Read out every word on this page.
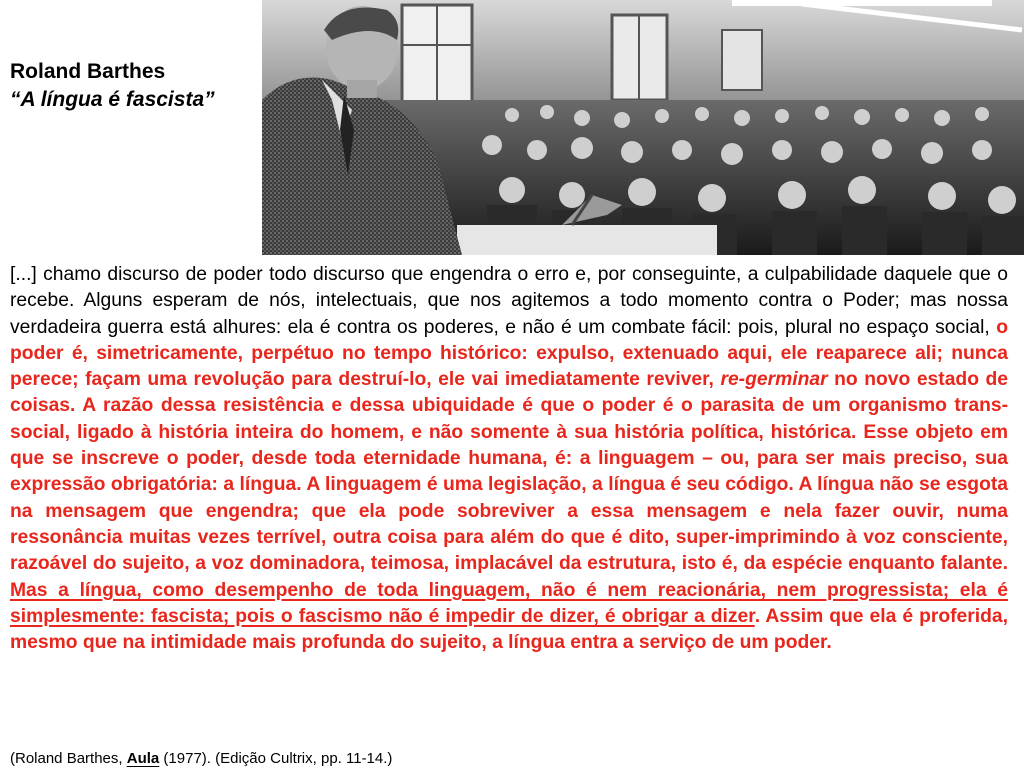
Roland Barthes
“A língua é fascista”

[...] chamo discurso de poder todo discurso que engendra o erro e, por conseguinte, a culpabilidade daquele que o recebe. Alguns esperam de nós, intelectuais, que nos agitemos a todo momento contra o Poder; mas nossa verdadeira guerra está alhures: ela é contra os poderes, e não é um combate fácil: pois, plural no espaço social, o poder é, simetricamente, perpétuo no tempo histórico: expulso, extenuado aqui, ele reaparece ali; nunca perece; façam uma revolução para destruí-lo, ele vai imediatamente reviver, re-germinar no novo estado de coisas. A razão dessa resistência e dessa ubiquidade é que o poder é o parasita de um organismo trans-social, ligado à história inteira do homem, e não somente à sua história política, histórica. Esse objeto em que se inscreve o poder, desde toda eternidade humana, é: a linguagem – ou, para ser mais preciso, sua expressão obrigatória: a língua. A linguagem é uma legislação, a língua é seu código. A língua não se esgota na mensagem que engendra; que ela pode sobreviver a essa mensagem e nela fazer ouvir, numa ressonância muitas vezes terrível, outra coisa para além do que é dito, super-imprimindo à voz consciente, razoável do sujeito, a voz dominadora, teimosa, implacável da estrutura, isto é, da espécie enquanto falante. Mas a língua, como desempenho de toda linguagem, não é nem reacionária, nem progressista; ela é simplesmente: fascista; pois o fascismo não é impedir de dizer, é obrigar a dizer. Assim que ela é proferida, mesmo que na intimidade mais profunda do sujeito, a língua entra a serviço de um poder.

(Roland Barthes, Aula (1977). (Edição Cultrix, pp. 11-14.)
